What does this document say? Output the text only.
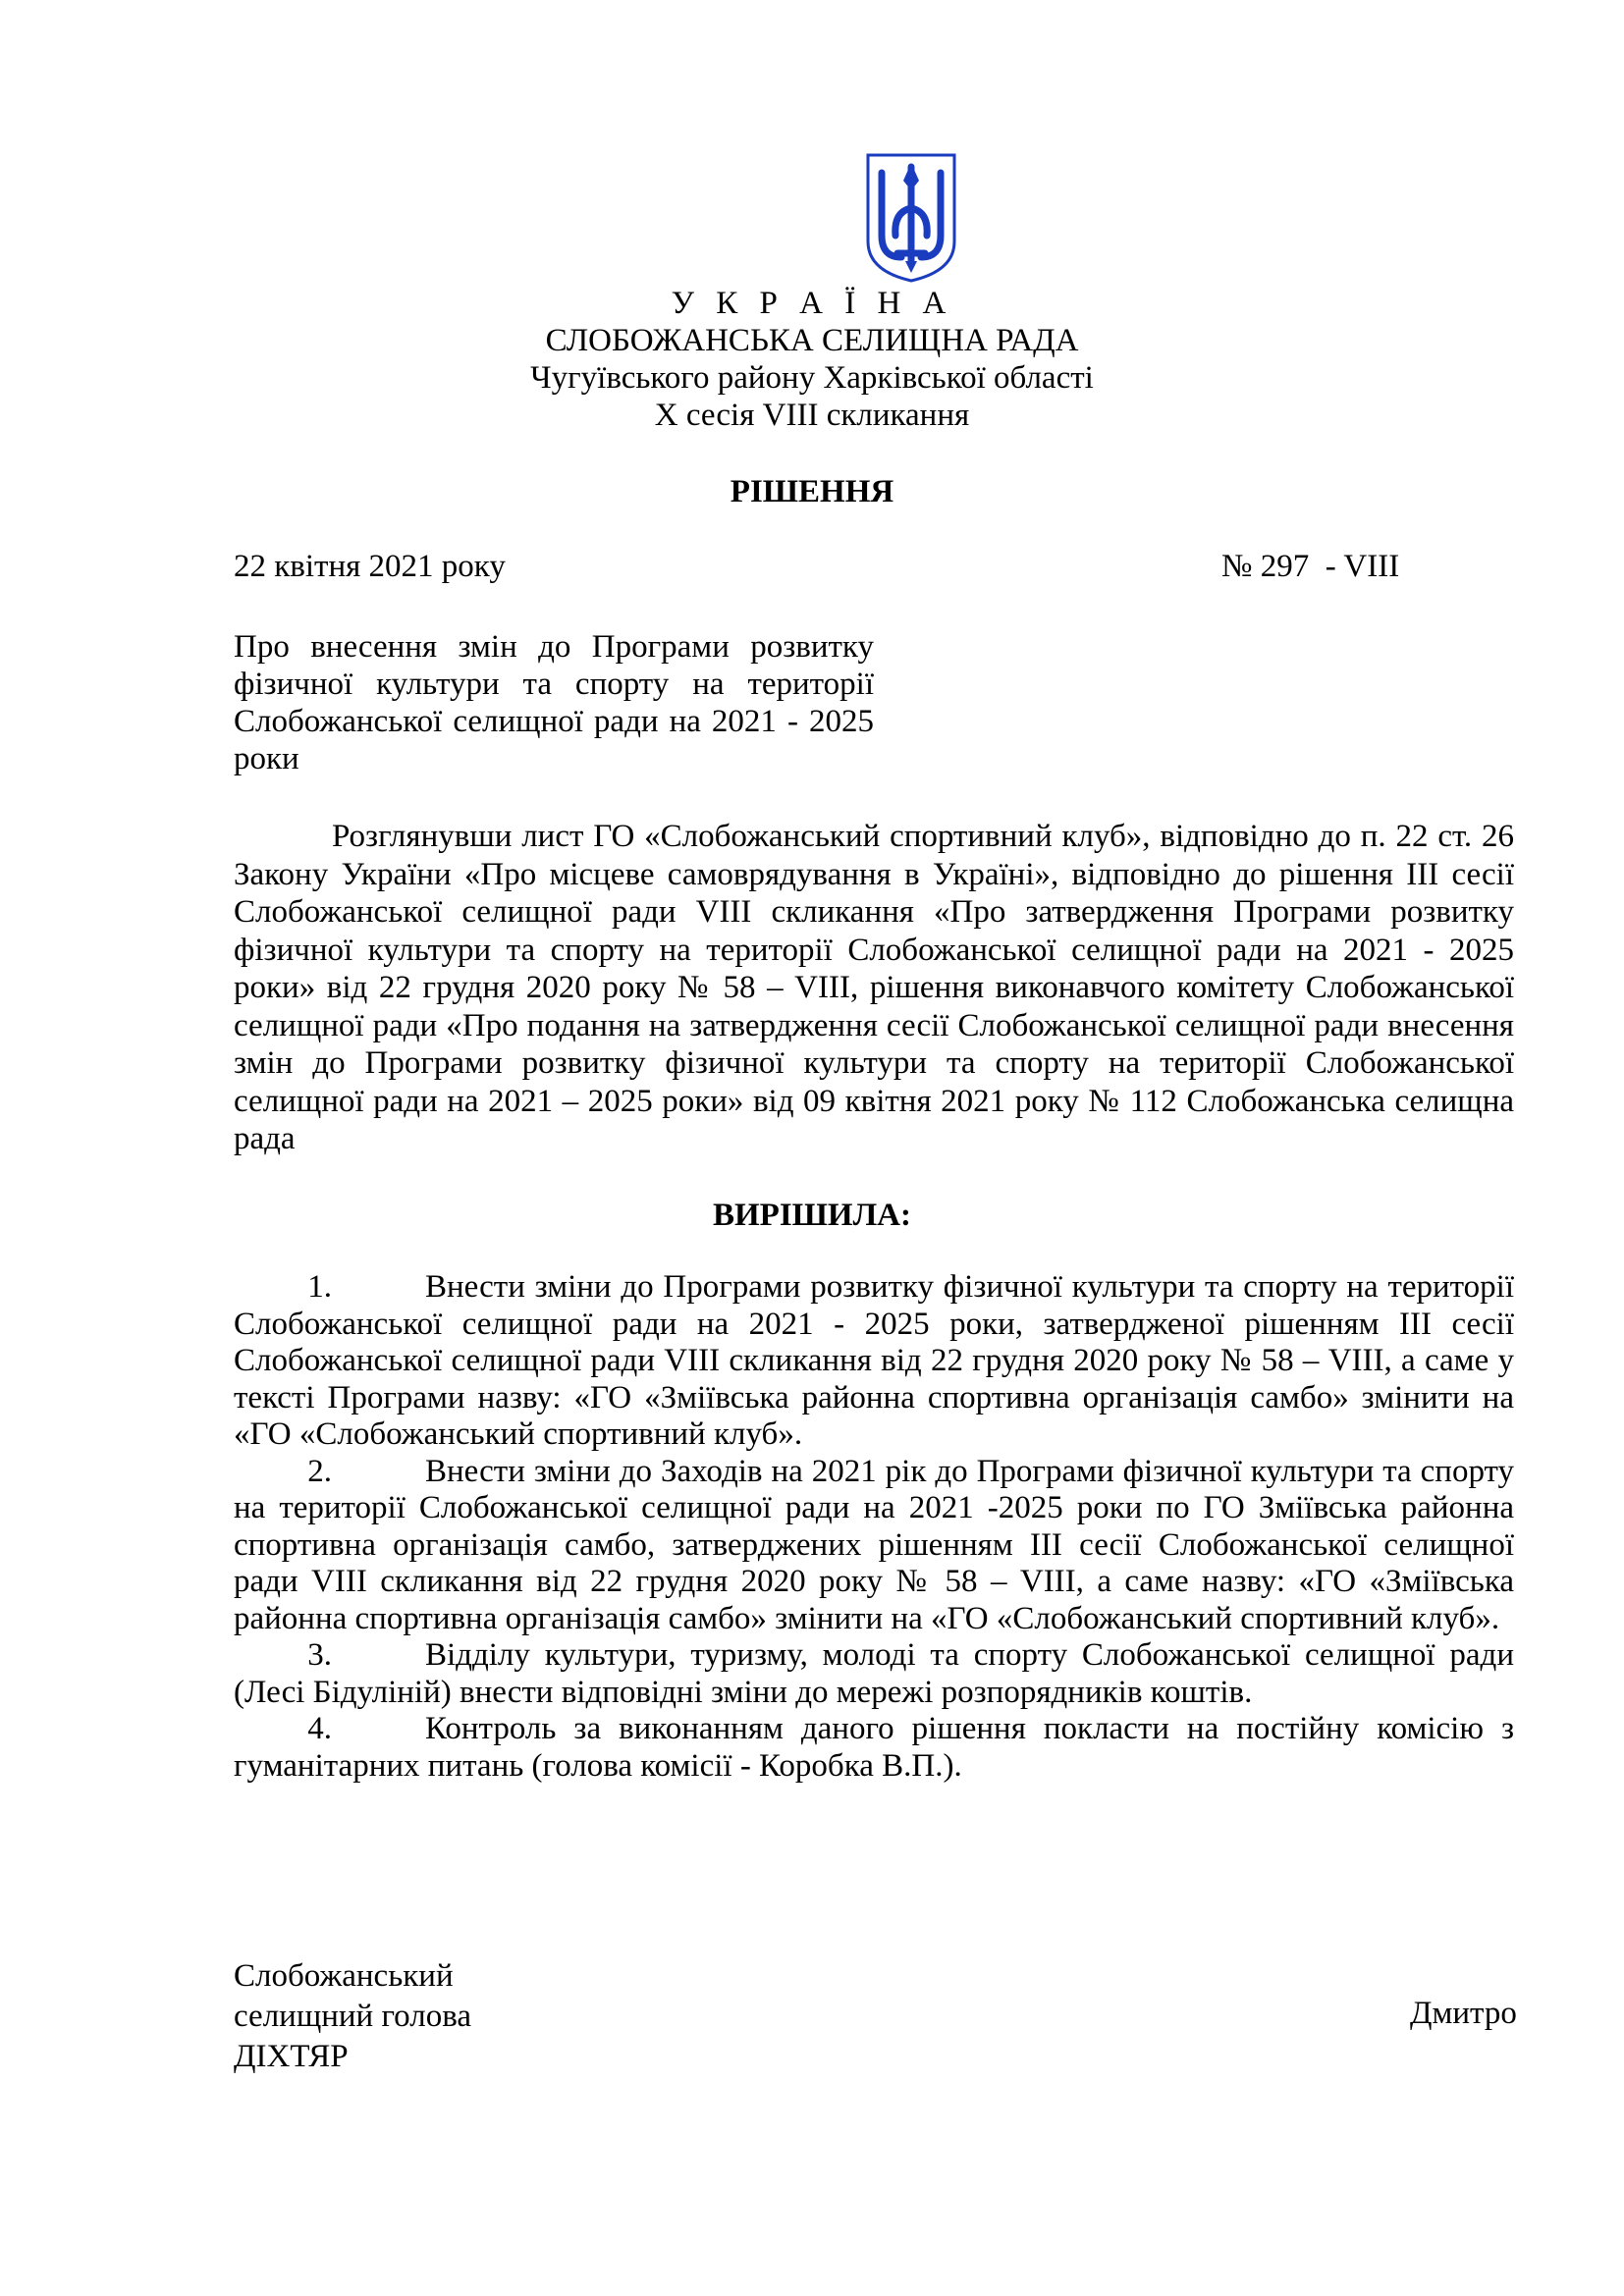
У К Р А Ї Н А
СЛОБОЖАНСЬКА СЕЛИЩНА РАДА
Чугуївського району Харківської області
X сесія VIII скликання
РІШЕННЯ
22 квітня 2021 року	№ 297  - VIII
Про внесення змін до Програми розвитку фізичної культури та спорту на території Слобожанської селищної ради на 2021 - 2025 роки
Розглянувши лист ГО «Слобожанський спортивний клуб», відповідно до п. 22 ст. 26 Закону України «Про місцеве самоврядування в Україні», відповідно до рішення III сесії Слобожанської селищної ради VIII скликання «Про затвердження Програми розвитку фізичної культури та спорту на території Слобожанської селищної ради на 2021 - 2025 роки» від 22 грудня 2020 року № 58 – VIII, рішення виконавчого комітету Слобожанської селищної ради «Про подання на затвердження сесії Слобожанської селищної ради внесення змін до Програми розвитку фізичної культури та спорту на території Слобожанської селищної ради на 2021 – 2025 роки» від 09 квітня 2021 року № 112 Слобожанська селищна рада
ВИРІШИЛА:
1.	Внести зміни до Програми розвитку фізичної культури та спорту на території Слобожанської селищної ради на 2021 - 2025 роки, затвердженої рішенням III сесії Слобожанської селищної ради VIII скликання від 22 грудня 2020 року № 58 – VIII, а саме у тексті Програми назву: «ГО «Зміївська районна спортивна організація самбо» змінити на «ГО «Слобожанський спортивний клуб».
2.	Внести зміни до Заходів на 2021 рік до Програми фізичної культури та спорту на території Слобожанської селищної ради на 2021 -2025 роки по ГО Зміївська районна спортивна організація самбо, затверджених рішенням III сесії Слобожанської селищної ради VIII скликання від 22 грудня 2020 року № 58 – VIII, а саме назву: «ГО «Зміївська районна спортивна організація самбо» змінити на «ГО «Слобожанський спортивний клуб».
3.	Відділу культури, туризму, молоді та спорту Слобожанської селищної ради (Лесі Бідуліній) внести відповідні зміни до мережі розпорядників коштів.
4.	Контроль за виконанням даного рішення покласти на постійну комісію з гуманітарних питань (голова комісії - Коробка В.П.).
Слобожанський
селищний голова
ДІХТЯР
Дмитро
